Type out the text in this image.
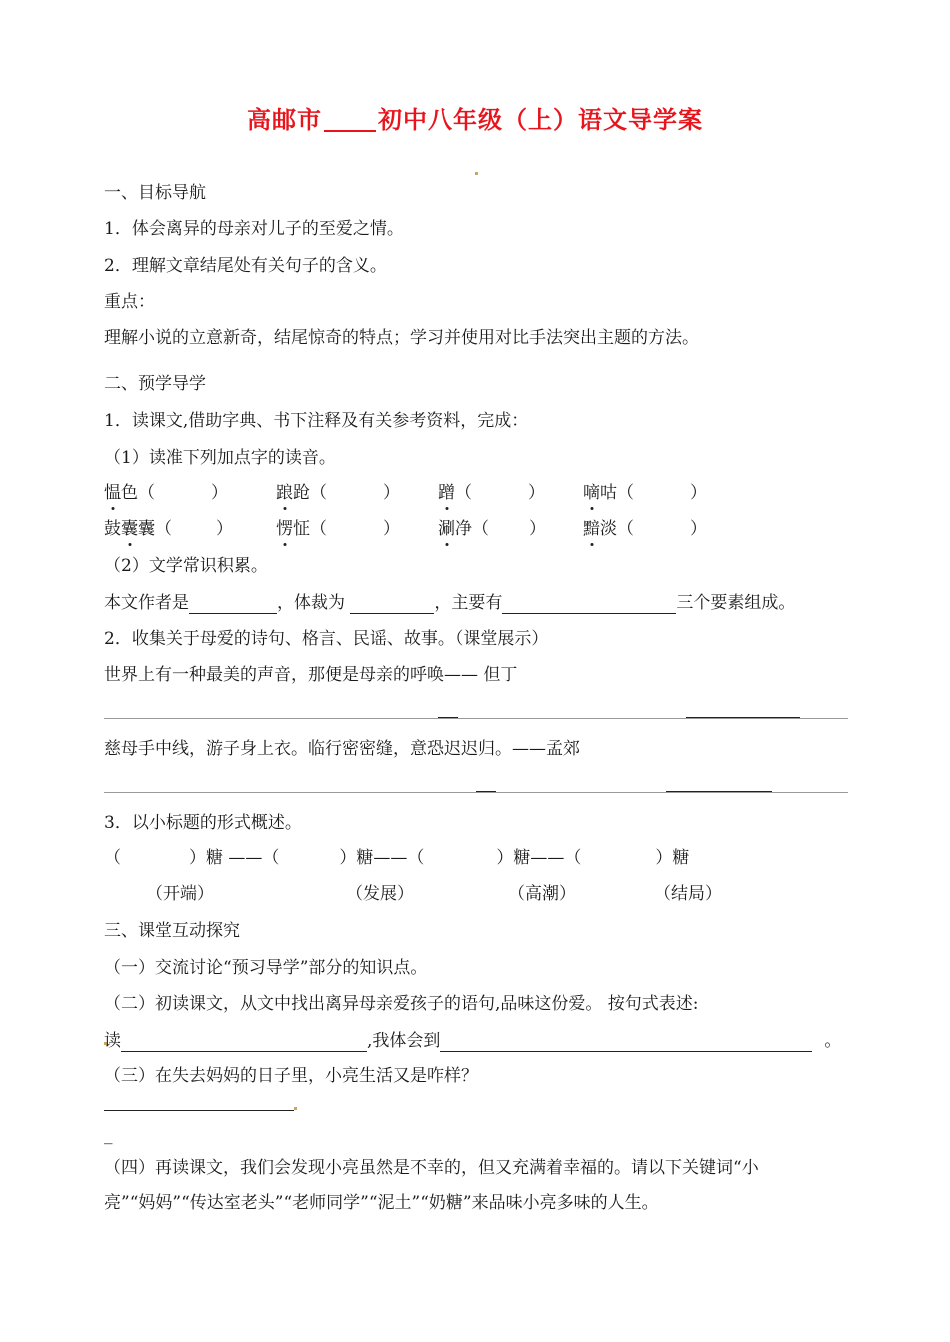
高邮市 初中八年级（上）语文导学案
一、目标导航
1．体会离异的母亲对儿子的至爱之情。
2．理解文章结尾处有关句子的含义。
重点：
理解小说的立意新奇，结尾惊奇的特点；学习并使用对比手法突出主题的方法。
二、预学导学
1．读课文,借助字典、书下注释及有关参考资料，完成：
（1）读准下列加点字的读音。
愠色（	）	踉跄（	） 蹭（	） 嘀咕（	）
鼓囊囊（	）	愣怔（	） 涮净（ ） 黯淡（	）
（2）文学常识积累。
本文作者是	，体裁为	，主要有	三个要素组成。
2．收集关于母爱的诗句、格言、民谣、故事。（课堂展示）
世界上有一种最美的声音，那便是母亲的呼唤—— 但丁
慈母手中线，游子身上衣。临行密密缝，意恐迟迟归。——孟郊
3．以小标题的形式概述。
（	）糖 ——（	）糖——（	）糖——（	）糖
（开端）	（发展）	（高潮）	（结局）
三、课堂互动探究
（一）交流讨论“预习导学”部分的知识点。
（二）初读课文，从文中找出离异母亲爱孩子的语句,品味这份爱。 按句式表述:
读	,我体会到	。
（三）在失去妈妈的日子里，小亮生活又是咋样？
_
（四）再读课文，我们会发现小亮虽然是不幸的，但又充满着幸福的。请以下关键词“小
亮”“妈妈”“传达室老头”“老师同学”“泥土”“奶糖”来品味小亮多味的人生。
